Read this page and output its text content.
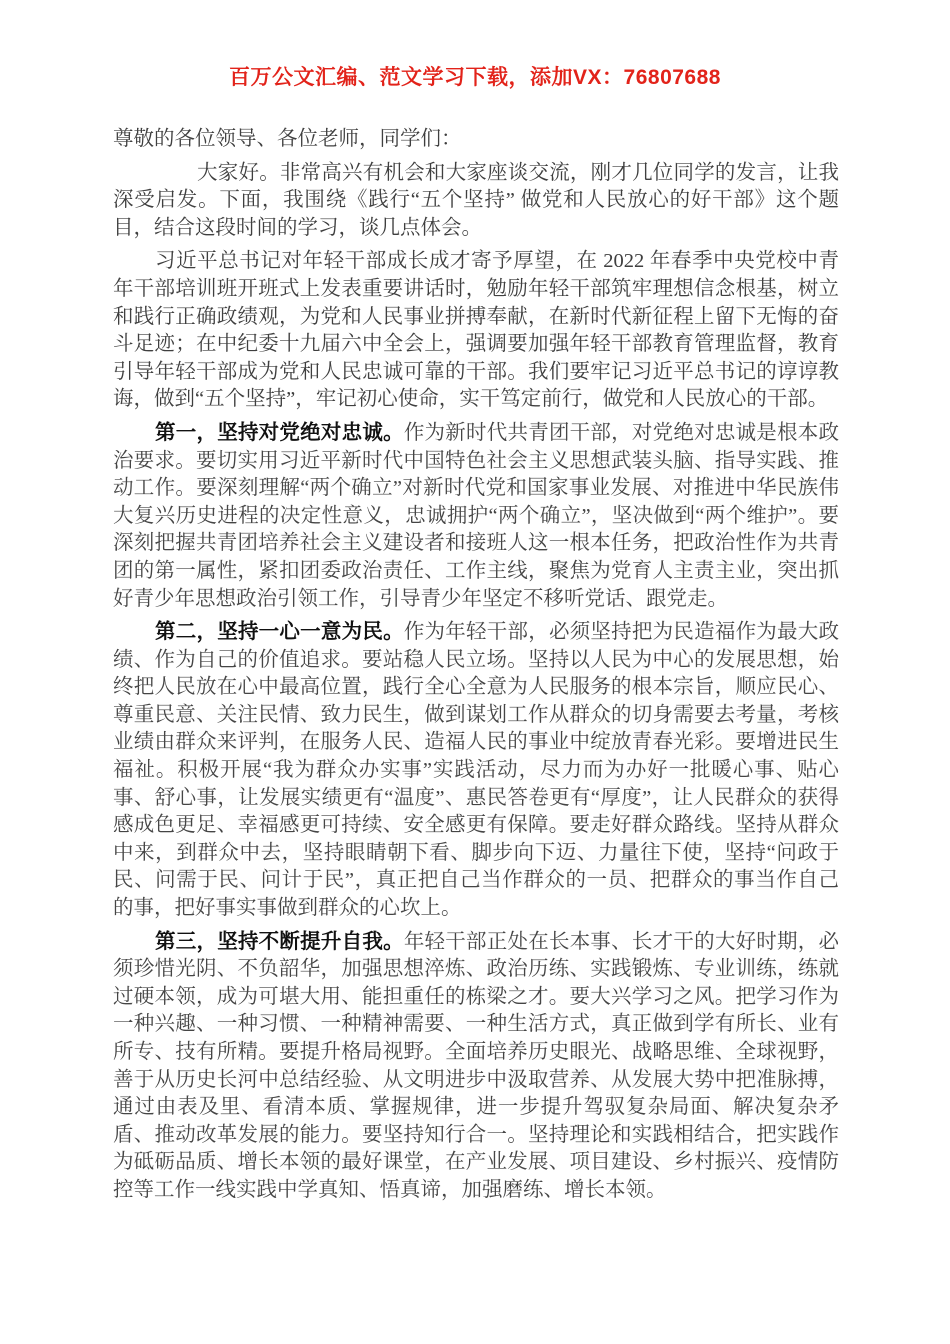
百万公文汇编、范文学习下载，添加VX：76807688

尊敬的各位领导、各位老师，同学们：

大家好。非常高兴有机会和大家座谈交流，刚才几位同学的发言，让我深受启发。下面，我围绕《践行“五个坚持” 做党和人民放心的好干部》这个题目，结合这段时间的学习，谈几点体会。

习近平总书记对年轻干部成长成才寄予厚望，在 2022 年春季中央党校中青年干部培训班开班式上发表重要讲话时，勉励年轻干部筑牢理想信念根基，树立和践行正确政绩观，为党和人民事业拼搏奉献，在新时代新征程上留下无悔的奋斗足迹；在中纪委十九届六中全会上，强调要加强年轻干部教育管理监督，教育引导年轻干部成为党和人民忠诚可靠的干部。我们要牢记习近平总书记的谆谆教诲，做到“五个坚持”，牢记初心使命，实干笃定前行，做党和人民放心的干部。

第一，坚持对党绝对忠诚。作为新时代共青团干部，对党绝对忠诚是根本政治要求。要切实用习近平新时代中国特色社会主义思想武装头脑、指导实践、推动工作。要深刻理解“两个确立”对新时代党和国家事业发展、对推进中华民族伟大复兴历史进程的决定性意义，忠诚拥护“两个确立”，坚决做到“两个维护”。要深刻把握共青团培养社会主义建设者和接班人这一根本任务，把政治性作为共青团的第一属性，紧扣团委政治责任、工作主线，聚焦为党育人主责主业，突出抓好青少年思想政治引领工作，引导青少年坚定不移听党话、跟党走。

第二，坚持一心一意为民。作为年轻干部，必须坚持把为民造福作为最大政绩、作为自己的价值追求。要站稳人民立场。坚持以人民为中心的发展思想，始终把人民放在心中最高位置，践行全心全意为人民服务的根本宗旨，顺应民心、尊重民意、关注民情、致力民生，做到谋划工作从群众的切身需要去考量，考核业绩由群众来评判，在服务人民、造福人民的事业中绽放青春光彩。要增进民生福祉。积极开展“我为群众办实事”实践活动，尽力而为办好一批暖心事、贴心事、舒心事，让发展实绩更有“温度”、惠民答卷更有“厚度”，让人民群众的获得感成色更足、幸福感更可持续、安全感更有保障。要走好群众路线。坚持从群众中来，到群众中去，坚持眼睛朝下看、脚步向下迈、力量往下使，坚持“问政于民、问需于民、问计于民”，真正把自己当作群众的一员、把群众的事当作自己的事，把好事实事做到群众的心坎上。

第三，坚持不断提升自我。年轻干部正处在长本事、长才干的大好时期，必须珍惜光阴、不负韶华，加强思想淬炼、政治历练、实践锻炼、专业训练，练就过硬本领，成为可堪大用、能担重任的栋梁之才。要大兴学习之风。把学习作为一种兴趣、一种习惯、一种精神需要、一种生活方式，真正做到学有所长、业有所专、技有所精。要提升格局视野。全面培养历史眼光、战略思维、全球视野，善于从历史长河中总结经验、从文明进步中汲取营养、从发展大势中把准脉搏，通过由表及里、看清本质、掌握规律，进一步提升驾驭复杂局面、解决复杂矛盾、推动改革发展的能力。要坚持知行合一。坚持理论和实践相结合，把实践作为砥砺品质、增长本领的最好课堂，在产业发展、项目建设、乡村振兴、疫情防控等工作一线实践中学真知、悟真谛，加强磨练、增长本领。
